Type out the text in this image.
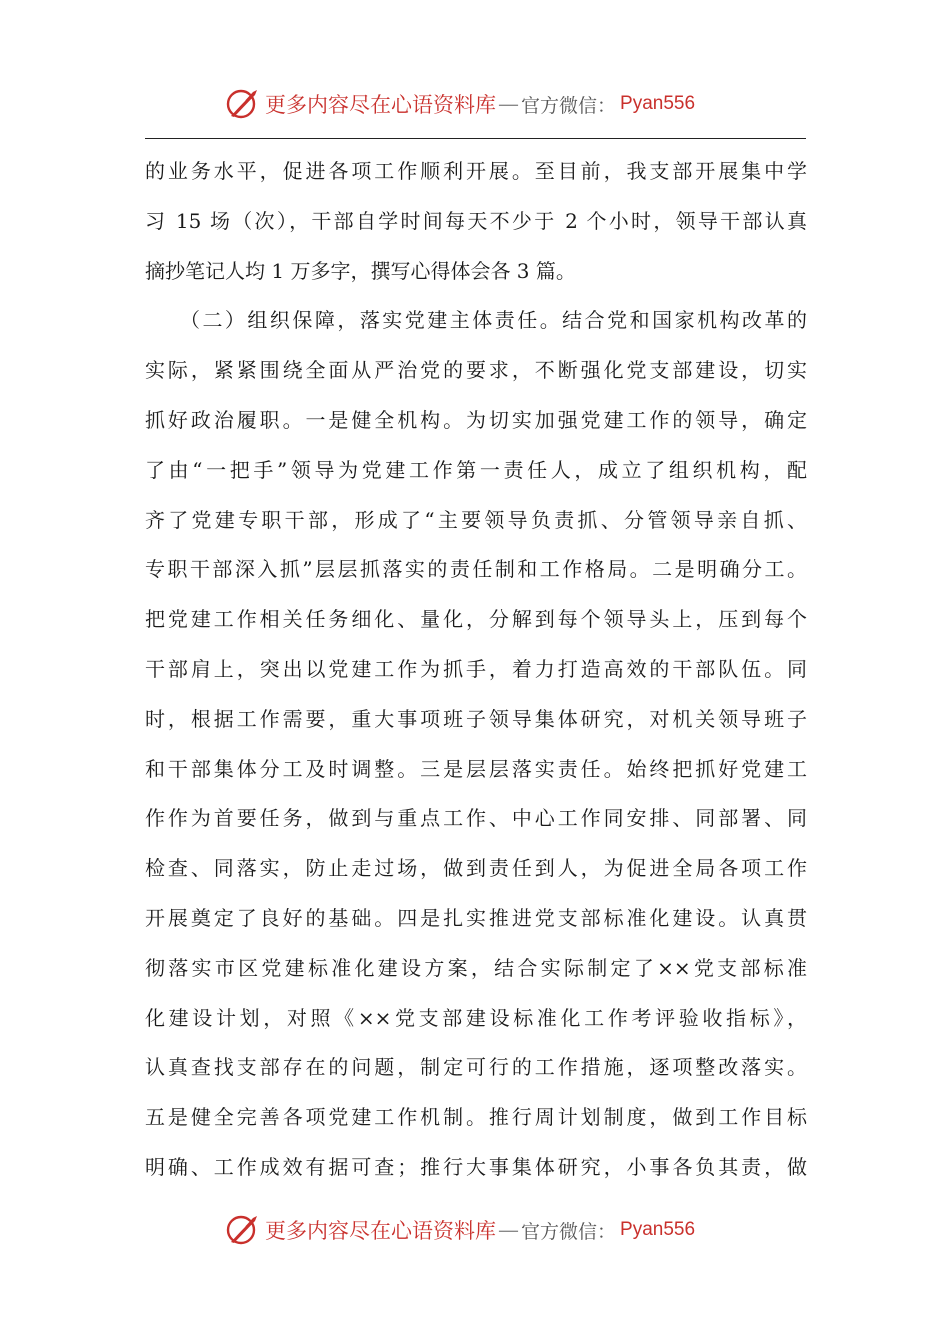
更多内容尽在心语资料库 — 官方微信： Pyan556
的业务水平，促进各项工作顺利开展。至目前，我支部开展集中学
习 15 场（次），干部自学时间每天不少于 2 个小时，领导干部认真
摘抄笔记人均 1 万多字，撰写心得体会各 3 篇。
　　（二）组织保障，落实党建主体责任。结合党和国家机构改革的
实际，紧紧围绕全面从严治党的要求，不断强化党支部建设，切实
抓好政治履职。一是健全机构。为切实加强党建工作的领导，确定
了由“一把手”领导为党建工作第一责任人，成立了组织机构，配
齐了党建专职干部，形成了“主要领导负责抓、分管领导亲自抓、
专职干部深入抓”层层抓落实的责任制和工作格局。二是明确分工。
把党建工作相关任务细化、量化，分解到每个领导头上，压到每个
干部肩上，突出以党建工作为抓手，着力打造高效的干部队伍。同
时，根据工作需要，重大事项班子领导集体研究，对机关领导班子
和干部集体分工及时调整。三是层层落实责任。始终把抓好党建工
作作为首要任务，做到与重点工作、中心工作同安排、同部署、同
检查、同落实，防止走过场，做到责任到人，为促进全局各项工作
开展奠定了良好的基础。四是扎实推进党支部标准化建设。认真贯
彻落实市区党建标准化建设方案，结合实际制定了××党支部标准
化建设计划，对照《××党支部建设标准化工作考评验收指标》，
认真查找支部存在的问题，制定可行的工作措施，逐项整改落实。
五是健全完善各项党建工作机制。推行周计划制度，做到工作目标
明确、工作成效有据可查；推行大事集体研究，小事各负其责，做
更多内容尽在心语资料库 — 官方微信： Pyan556
